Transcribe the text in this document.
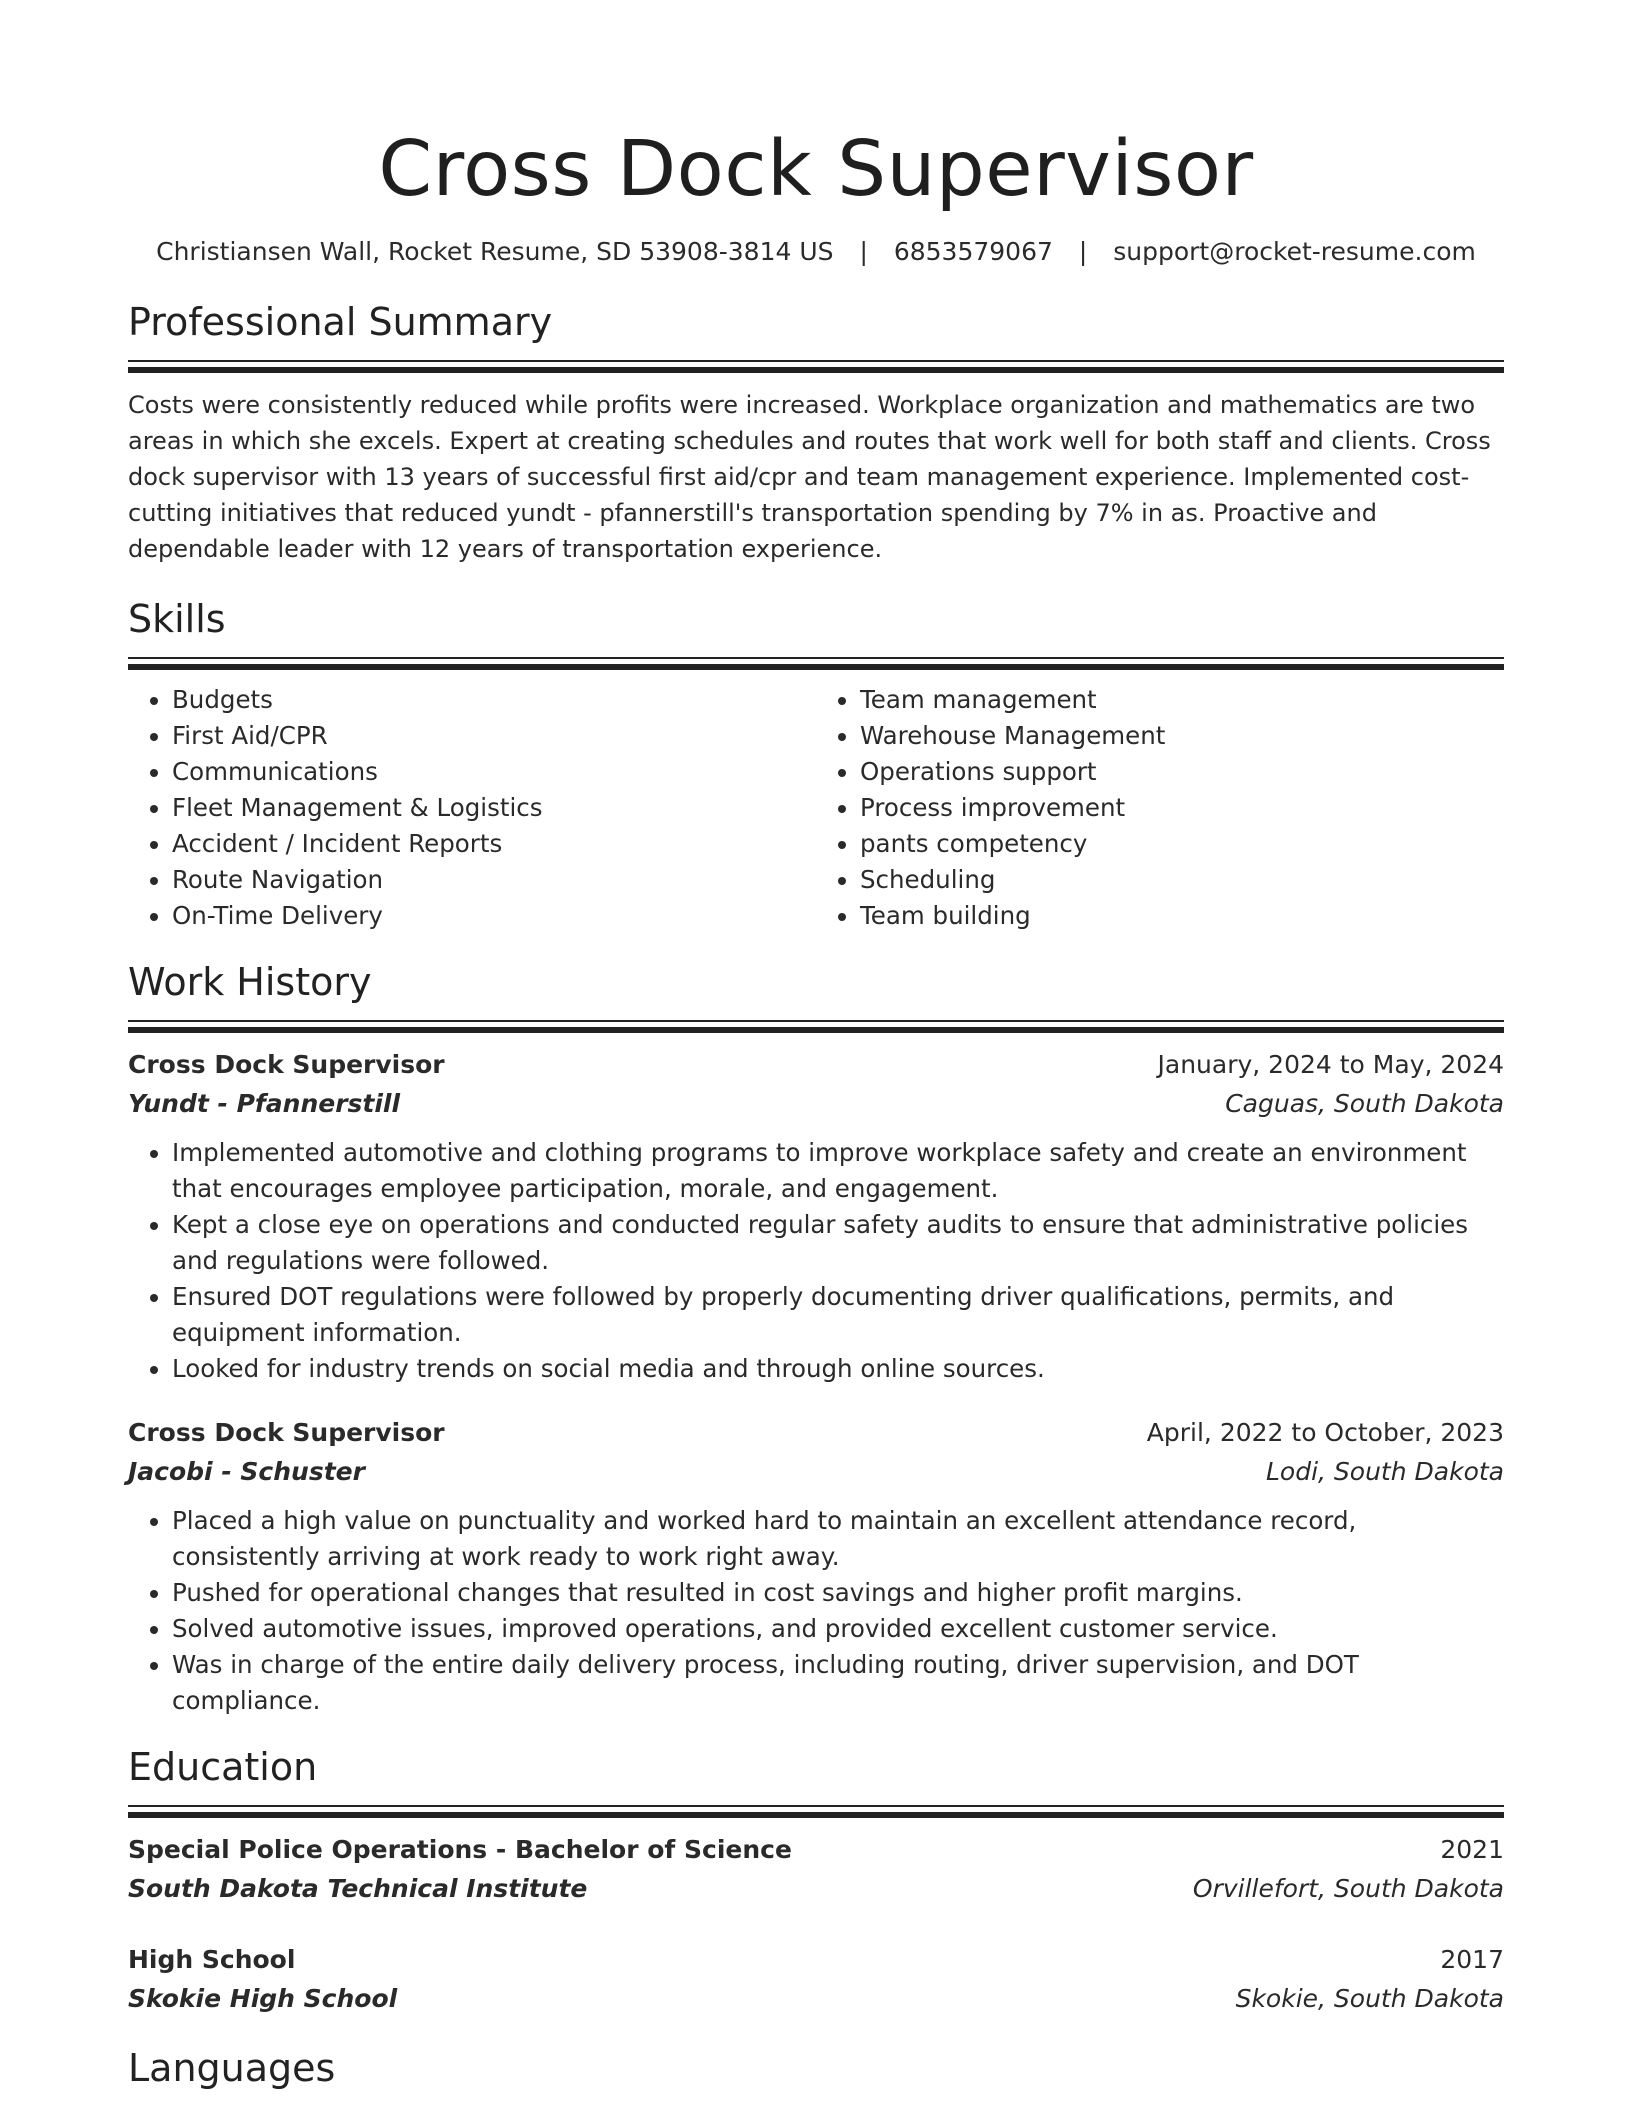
Cross Dock Supervisor
Christiansen Wall, Rocket Resume, SD 53908-3814 US | 6853579067 | support@rocket-resume.com
Professional Summary

Costs were consistently reduced while profits were increased. Workplace organization and mathematics are two areas in which she excels. Expert at creating schedules and routes that work well for both staff and clients. Cross dock supervisor with 13 years of successful first aid/cpr and team management experience. Implemented cost-cutting initiatives that reduced yundt - pfannerstill's transportation spending by 7% in as. Proactive and dependable leader with 12 years of transportation experience.

Skills
• Budgets
• First Aid/CPR
• Communications
• Fleet Management & Logistics
• Accident / Incident Reports
• Route Navigation
• On-Time Delivery
• Team management
• Warehouse Management
• Operations support
• Process improvement
• pants competency
• Scheduling
• Team building
Work History
Cross Dock Supervisor	January, 2024 to May, 2024
Yundt - Pfannerstill	Caguas, South Dakota
• Implemented automotive and clothing programs to improve workplace safety and create an environment that encourages employee participation, morale, and engagement.
• Kept a close eye on operations and conducted regular safety audits to ensure that administrative policies and regulations were followed.
• Ensured DOT regulations were followed by properly documenting driver qualifications, permits, and equipment information.
• Looked for industry trends on social media and through online sources.
Cross Dock Supervisor	April, 2022 to October, 2023
Jacobi - Schuster	Lodi, South Dakota
• Placed a high value on punctuality and worked hard to maintain an excellent attendance record, consistently arriving at work ready to work right away.
• Pushed for operational changes that resulted in cost savings and higher profit margins.
• Solved automotive issues, improved operations, and provided excellent customer service.
• Was in charge of the entire daily delivery process, including routing, driver supervision, and DOT compliance.
Education
Special Police Operations - Bachelor of Science	2021
South Dakota Technical Institute	Orvillefort, South Dakota
High School	2017
Skokie High School	Skokie, South Dakota
Languages
